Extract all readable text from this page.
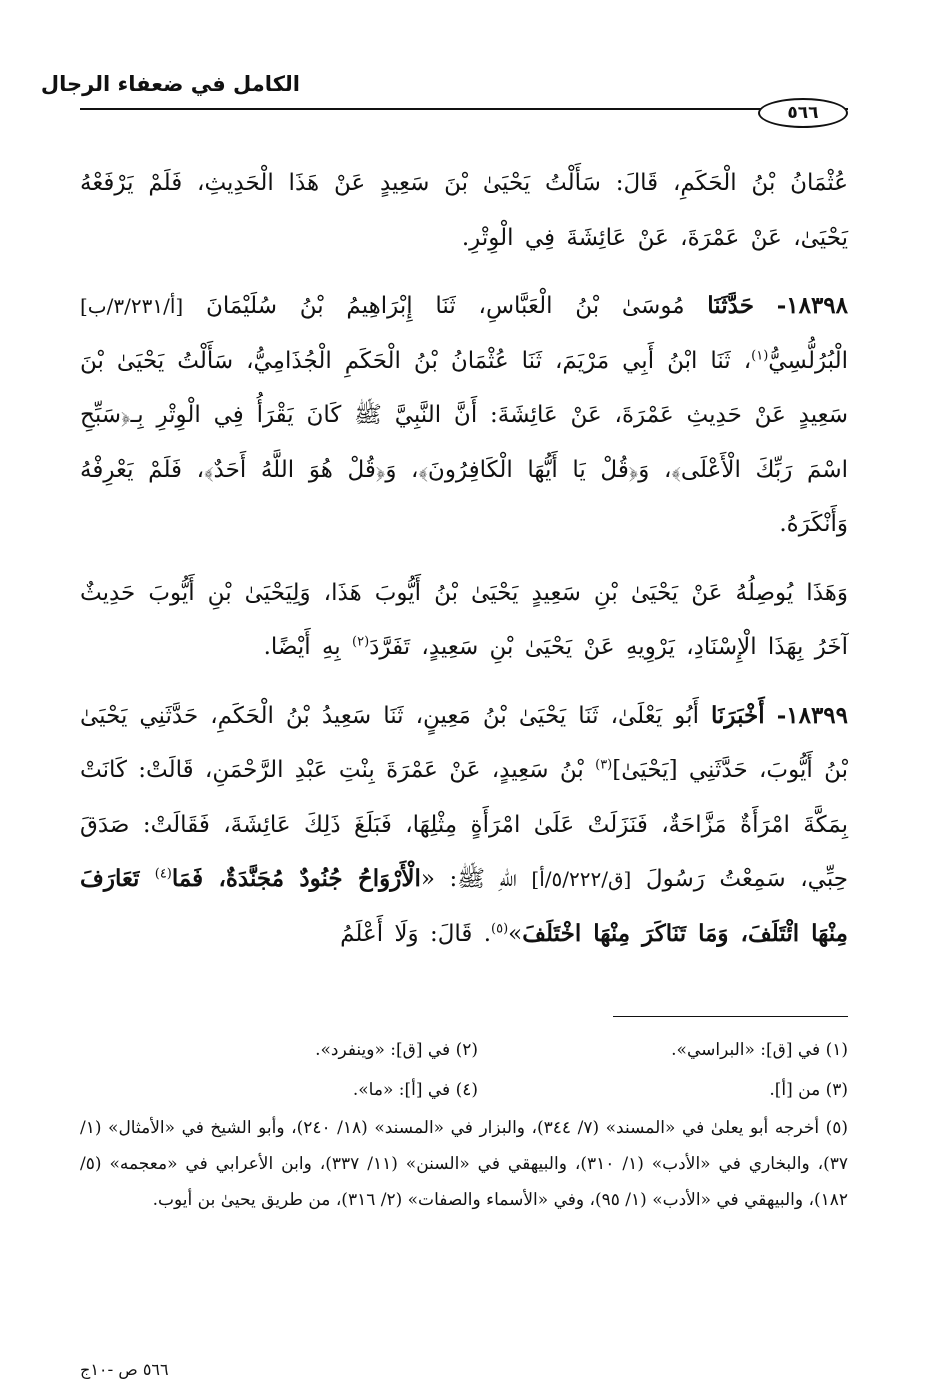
الكامل في ضعفاء الرجال
٥٦٦

عُثْمَانُ بْنُ الْحَكَمِ، قَالَ: سَأَلْتُ يَحْيَىٰ بْنَ سَعِيدٍ عَنْ هَذَا الْحَدِيثِ، فَلَمْ يَرْفَعْهُ يَحْيَىٰ، عَنْ عَمْرَةَ، عَنْ عَائِشَةَ فِي الْوِتْرِ.

١٨٣٩٨- حَدَّثَنَا مُوسَىٰ بْنُ الْعَبَّاسِ، ثَنَا إِبْرَاهِيمُ بْنُ سُلَيْمَانَ [أ/٣/٢٣١/ب] الْبُرُلُّسِيُّ$^{(١)}$، ثَنَا ابْنُ أَبِي مَرْيَمَ، ثَنَا عُثْمَانُ بْنُ الْحَكَمِ الْجُذَامِيُّ، سَأَلْتُ يَحْيَىٰ بْنَ سَعِيدٍ عَنْ حَدِيثِ عَمْرَةَ، عَنْ عَائِشَةَ: أَنَّ النَّبِيَّ ﷺ كَانَ يَقْرَأُ فِي الْوِتْرِ بِـ﴿سَبِّحِ اسْمَ رَبِّكَ الْأَعْلَى﴾، وَ﴿قُلْ يَا أَيُّهَا الْكَافِرُونَ﴾، وَ﴿قُلْ هُوَ اللَّهُ أَحَدٌ﴾، فَلَمْ يَعْرِفْهُ وَأَنْكَرَهُ.

وَهَذَا يُوصِلُهُ عَنْ يَحْيَىٰ بْنِ سَعِيدٍ يَحْيَىٰ بْنُ أَيُّوبَ هَذَا، وَلِيَحْيَىٰ بْنِ أَيُّوبَ حَدِيثٌ آخَرُ بِهَذَا الْإِسْنَادِ، يَرْوِيهِ عَنْ يَحْيَىٰ بْنِ سَعِيدٍ، تَفَرَّدَ$^{(٢)}$ بِهِ أَيْضًا.

١٨٣٩٩- أَخْبَرَنَا أَبُو يَعْلَىٰ، ثَنَا يَحْيَىٰ بْنُ مَعِينٍ، ثَنَا سَعِيدُ بْنُ الْحَكَمِ، حَدَّثَنِي يَحْيَىٰ بْنُ أَيُّوبَ، حَدَّثَنِي [يَحْيَىٰ]$^{(٣)}$ بْنُ سَعِيدٍ، عَنْ عَمْرَةَ بِنْتِ عَبْدِ الرَّحْمَنِ، قَالَتْ: كَانَتْ بِمَكَّةَ امْرَأَةٌ مَزَّاحَةٌ، فَنَزَلَتْ عَلَىٰ امْرَأَةٍ مِثْلِهَا، فَبَلَغَ ذَلِكَ عَائِشَةَ، فَقَالَتْ: صَدَقَ حِبِّي، سَمِعْتُ رَسُولَ [ق/٥/٢٢٢/أ] اللهِ ﷺ: «الْأَرْوَاحُ جُنُودٌ مُجَنَّدَةٌ، فَمَا$^{(٤)}$ تَعَارَفَ مِنْهَا ائْتَلَفَ، وَمَا تَنَاكَرَ مِنْهَا اخْتَلَفَ»$^{(٥)}$. قَالَ: وَلَا أَعْلَمُ

(١) في [ق]: «البراسي».
(٢) في [ق]: «وينفرد».
(٣) من [أ].
(٤) في [أ]: «ما».
(٥) أخرجه أبو يعلىٰ في «المسند» (٧/ ٣٤٤)، والبزار في «المسند» (١٨/ ٢٤٠)، وأبو الشيخ في «الأمثال» (١/ ٣٧)، والبخاري في «الأدب» (١/ ٣١٠)، والبيهقي في «السنن» (١١/ ٣٣٧)، وابن الأعرابي في «معجمه» (٥/ ١٨٢)، والبيهقي في «الأدب» (١/ ٩٥)، وفي «الأسماء والصفات» (٢/ ٣١٦)، من طريق يحيىٰ بن أيوب.
٥٦٦ ص -١٠ج
